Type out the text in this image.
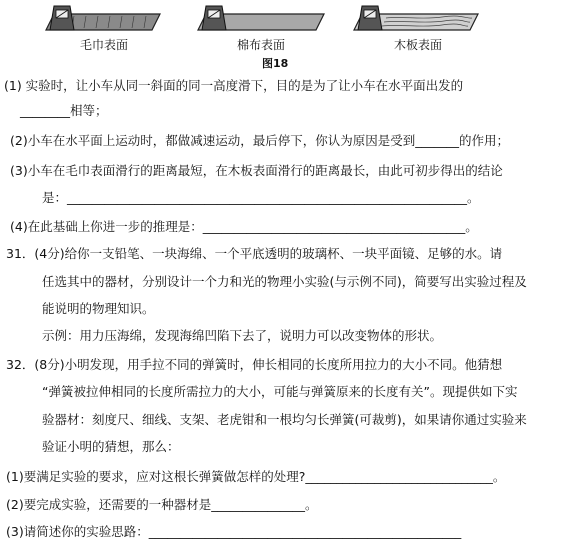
毛巾表面	棉布表面	木板表面
图18
(1) 实验时，让小车从同一斜面的同一高度滑下，目的是为了让小车在水平面出发的
________相等；
(2)小车在水平面上运动时，都做减速运动，最后停下，你认为原因是受到_______的作用；
(3)小车在毛巾表面滑行的距离最短，在木板表面滑行的距离最长，由此可初步得出的结论
是：________________________________________________________________。
(4)在此基础上你进一步的推理是：__________________________________________。
31．(4分)给你一支铅笔、一块海绵、一个平底透明的玻璃杯、一块平面镜、足够的水。请
任选其中的器材，分别设计一个力和光的物理小实验(与示例不同)，简要写出实验过程及
能说明的物理知识。
示例：用力压海绵，发现海绵凹陷下去了，说明力可以改变物体的形状。
32．(8分)小明发现，用手拉不同的弹簧时，伸长相同的长度所用拉力的大小不同。他猜想
“弹簧被拉伸相同的长度所需拉力的大小，可能与弹簧原来的长度有关”。现提供如下实
验器材：刻度尺、细线、支架、老虎钳和一根均匀长弹簧(可裁剪)，如果请你通过实验来
验证小明的猜想，那么：
(1)要满足实验的要求，应对这根长弹簧做怎样的处理?______________________________。
(2)要完成实验，还需要的一种器材是_______________。
(3)请简述你的实验思路：__________________________________________________
